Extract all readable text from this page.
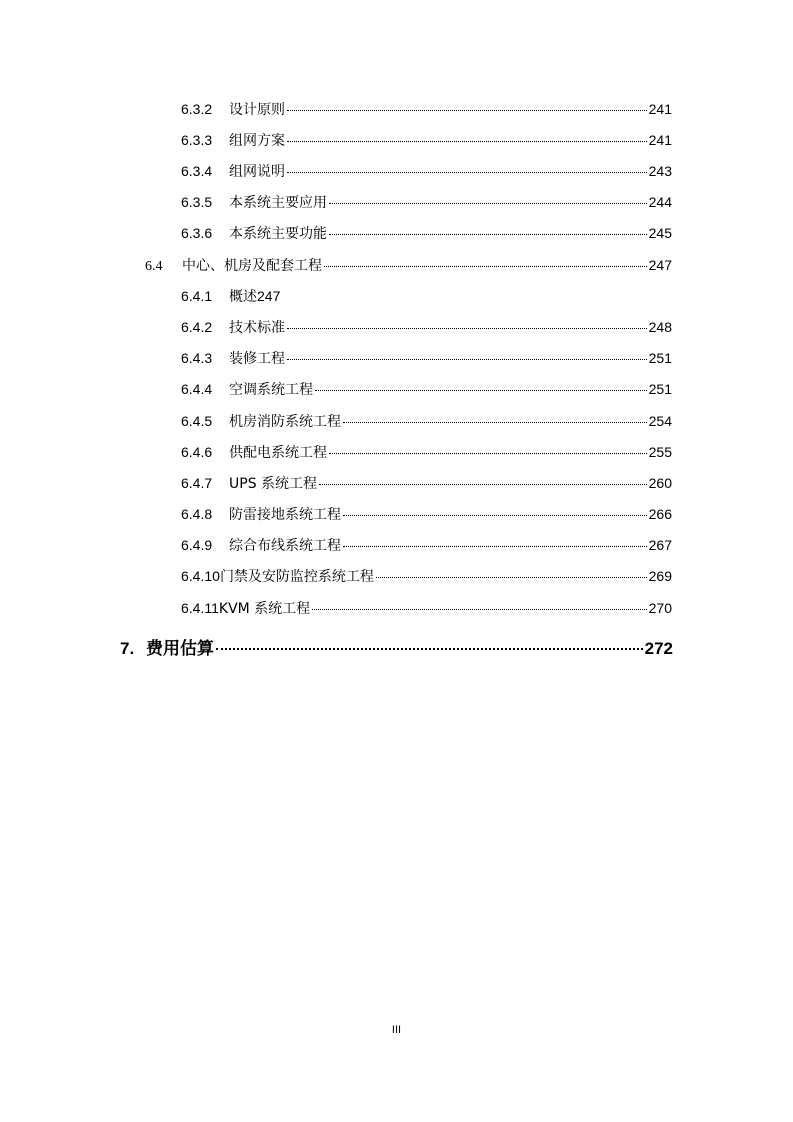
6.3.2	设计原则	241
6.3.3	组网方案	241
6.3.4	组网说明	243
6.3.5	本系统主要应用	244
6.3.6	本系统主要功能	245
6.4	中心、机房及配套工程	247
6.4.1	概述 247
6.4.2	技术标准	248
6.4.3	装修工程	251
6.4.4	空调系统工程	251
6.4.5	机房消防系统工程	254
6.4.6	供配电系统工程	255
6.4.7	UPS 系统工程	260
6.4.8	防雷接地系统工程	266
6.4.9	综合布线系统工程	267
6.4.10 门禁及安防监控系统工程	269
6.4.11 KVM 系统工程	270
7. 费用估算	272
III
